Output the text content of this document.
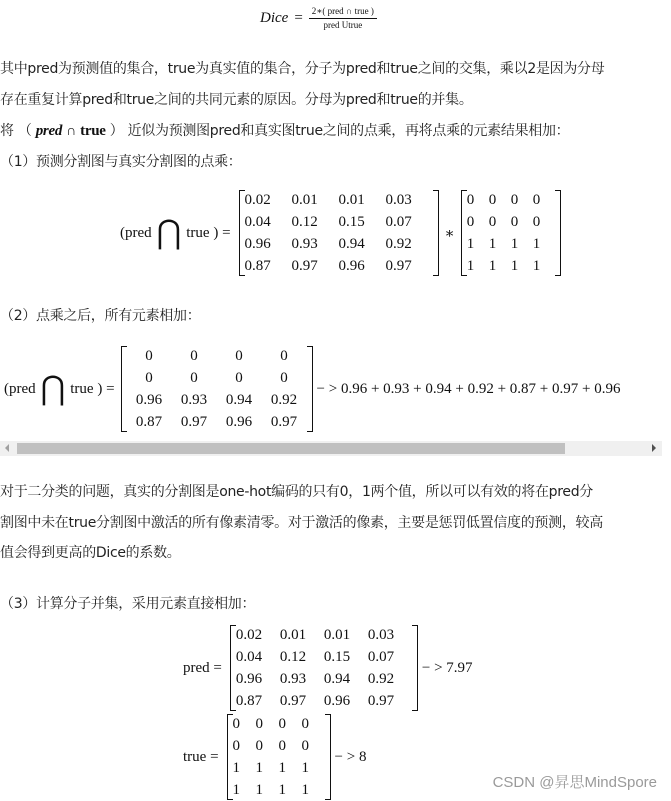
Dice = $\frac{\text{2∗( pred ∩ true )}}{\text{pred Utrue}}$
其中pred为预测值的集合，true为真实值的集合，分子为pred和true之间的交集，乘以2是因为分母
存在重复计算pred和true之间的共同元素的原因。分母为pred和true的并集。
将 （ pred ∩ true ） 近似为预测图pred和真实图true之间的点乘，再将点乘的元素结果相加：
（1）预测分割图与真实分割图的点乘：
(pred ⋂ true ) =
0.02	0.01	0.01	0.03
0.04	0.12	0.15	0.07
0.96	0.93	0.94	0.92
0.87	0.97	0.96	0.97
∗
0 0 0 0
0 0 0 0
1 1 1 1
1 1 1 1
（2）点乘之后，所有元素相加：
(pred ⋂ true ) =
0	0	0	0
0	0	0	0
0.96	0.93	0.94	0.92
0.87	0.97	0.96	0.97
− > 0.96 + 0.93 + 0.94 + 0.92 + 0.87 + 0.97 + 0.96
对于二分类的问题，真实的分割图是one-hot编码的只有0，1两个值，所以可以有效的将在pred分
割图中未在true分割图中激活的所有像素清零。对于激活的像素，主要是惩罚低置信度的预测，较高
值会得到更高的Dice的系数。
（3）计算分子并集，采用元素直接相加：
pred =
0.02	0.01	0.01	0.03
0.04	0.12	0.15	0.07
0.96	0.93	0.94	0.92
0.87	0.97	0.96	0.97
− > 7.97
true =
0	0	0	0
0	0	0	0
1	1	1	1
1	1	1	1
− > 8
CSDN @昇思MindSpore
